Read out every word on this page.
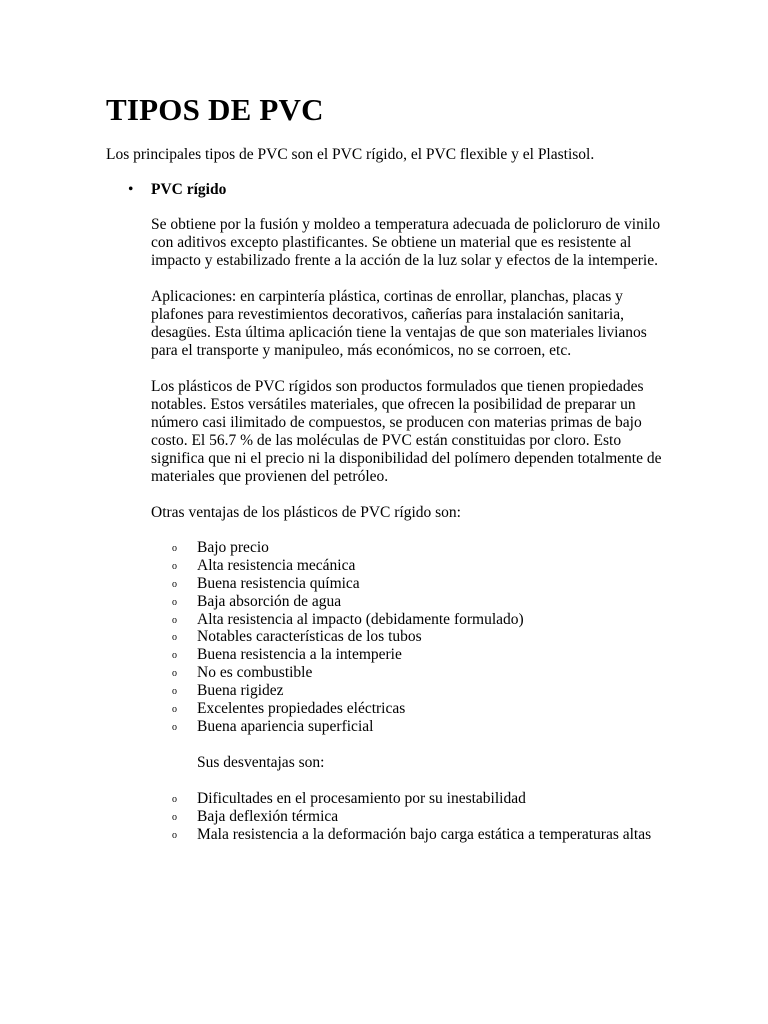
TIPOS DE PVC

Los principales tipos de PVC son el PVC rígido, el PVC flexible y el Plastisol.

• PVC rígido

Se obtiene por la fusión y moldeo a temperatura adecuada de policloruro de vinilo
con aditivos excepto plastificantes. Se obtiene un material que es resistente al
impacto y estabilizado frente a la acción de la luz solar y efectos de la intemperie.

Aplicaciones: en carpintería plástica, cortinas de enrollar, planchas, placas y
plafones para revestimientos decorativos, cañerías para instalación sanitaria,
desagües. Esta última aplicación tiene la ventajas de que son materiales livianos
para el transporte y manipuleo, más económicos, no se corroen, etc.

Los plásticos de PVC rígidos son productos formulados que tienen propiedades
notables. Estos versátiles materiales, que ofrecen la posibilidad de preparar un
número casi ilimitado de compuestos, se producen con materias primas de bajo
costo. El 56.7 % de las moléculas de PVC están constituidas por cloro. Esto
significa que ni el precio ni la disponibilidad del polímero dependen totalmente de
materiales que provienen del petróleo.

Otras ventajas de los plásticos de PVC rígido son:

o Bajo precio
o Alta resistencia mecánica
o Buena resistencia química
o Baja absorción de agua
o Alta resistencia al impacto (debidamente formulado)
o Notables características de los tubos
o Buena resistencia a la intemperie
o No es combustible
o Buena rigidez
o Excelentes propiedades eléctricas
o Buena apariencia superficial

Sus desventajas son:

o Dificultades en el procesamiento por su inestabilidad
o Baja deflexión térmica
o Mala resistencia a la deformación bajo carga estática a temperaturas altas
